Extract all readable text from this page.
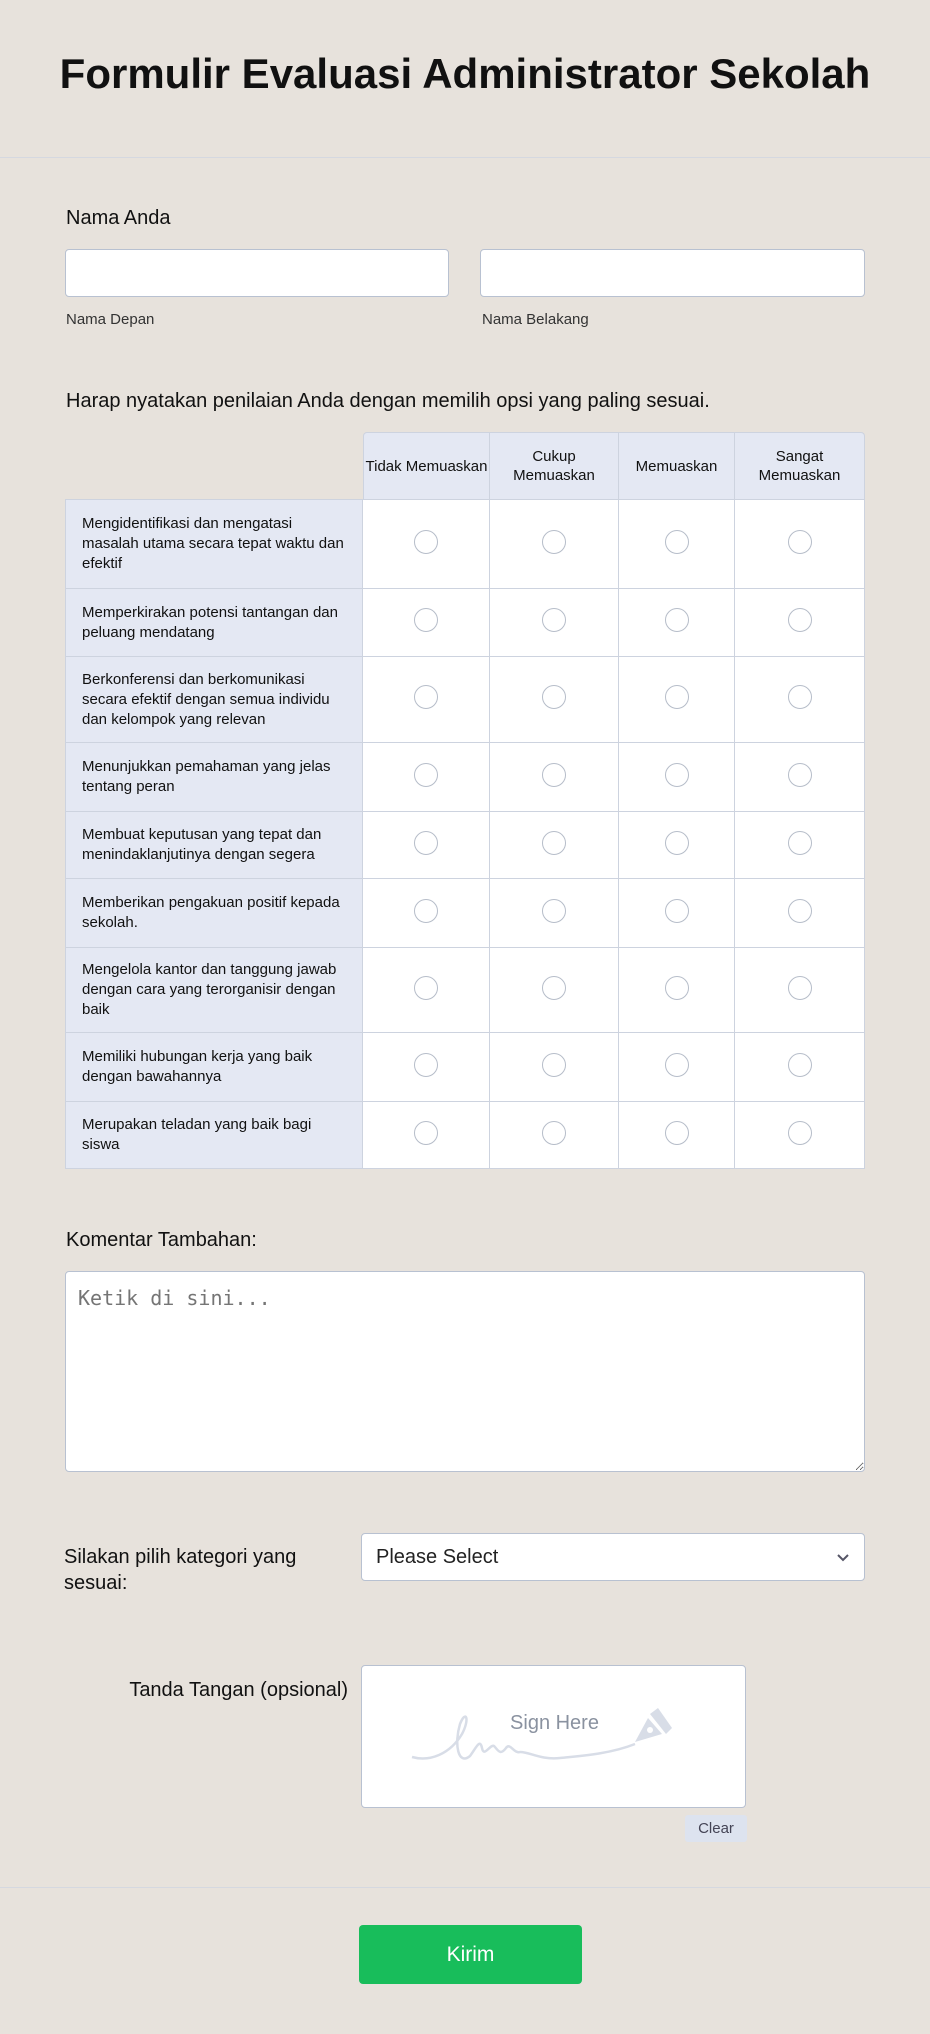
Formulir Evaluasi Administrator Sekolah
Nama Anda
Nama Depan	Nama Belakang
Harap nyatakan penilaian Anda dengan memilih opsi yang paling sesuai.
	Tidak Memuaskan	Cukup Memuaskan	Memuaskan	Sangat Memuaskan
Mengidentifikasi dan mengatasi masalah utama secara tepat waktu dan efektif				
Memperkirakan potensi tantangan dan peluang mendatang				
Berkonferensi dan berkomunikasi secara efektif dengan semua individu dan kelompok yang relevan				
Menunjukkan pemahaman yang jelas tentang peran				
Membuat keputusan yang tepat dan menindaklanjutinya dengan segera				
Memberikan pengakuan positif kepada sekolah.				
Mengelola kantor dan tanggung jawab dengan cara yang terorganisir dengan baik				
Memiliki hubungan kerja yang baik dengan bawahannya				
Merupakan teladan yang baik bagi siswa				
Komentar Tambahan:
Ketik di sini...
Silakan pilih kategori yang sesuai:
Please Select
Tanda Tangan (opsional)
Sign Here
Clear
Kirim
